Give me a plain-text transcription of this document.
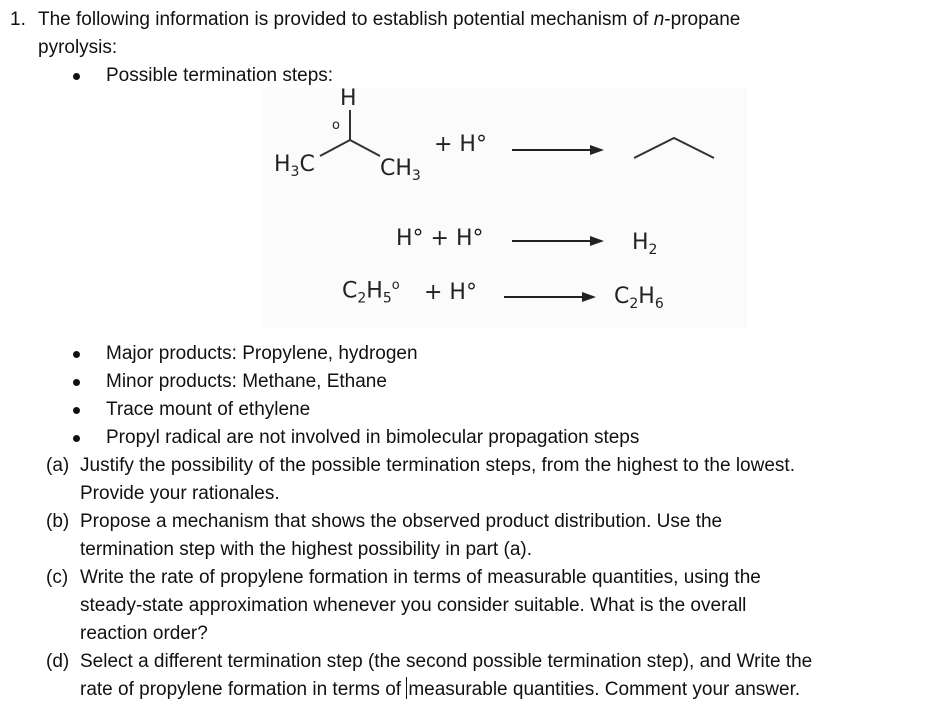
1. The following information is provided to establish potential mechanism of n-propane
pyrolysis:
Possible termination steps:
H
o
$H_3C$	$CH_3$
+ H°
H° + H°	$H_2$
$C_2H_5^o + H^\circ$	$C_2H_6$
Major products: Propylene, hydrogen
Minor products: Methane, Ethane
Trace mount of ethylene
Propyl radical are not involved in bimolecular propagation steps
(a) Justify the possibility of the possible termination steps, from the highest to the lowest.
Provide your rationales.
(b) Propose a mechanism that shows the observed product distribution. Use the
termination step with the highest possibility in part (a).
(c) Write the rate of propylene formation in terms of measurable quantities, using the
steady-state approximation whenever you consider suitable. What is the overall
reaction order?
(d) Select a different termination step (the second possible termination step), and Write the
rate of propylene formation in terms of measurable quantities. Comment your answer.
